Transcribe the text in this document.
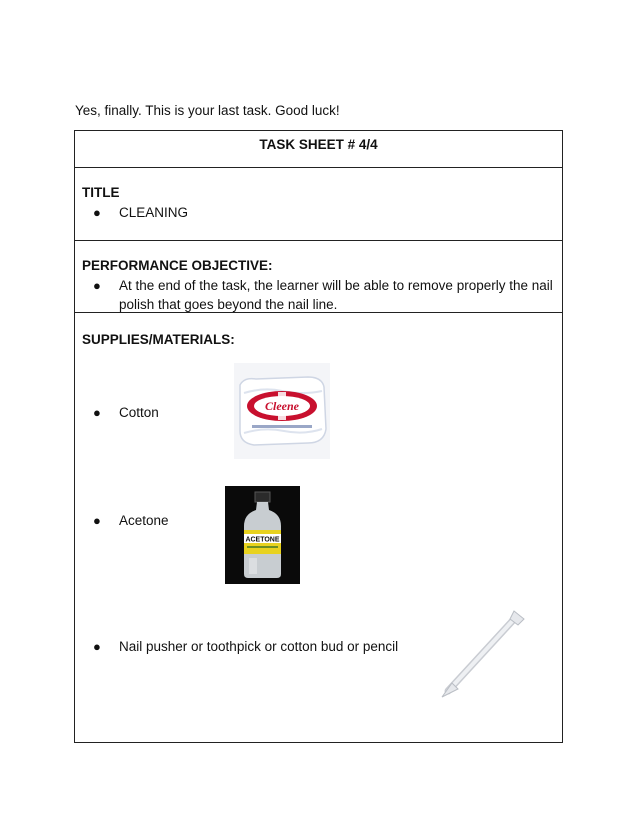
Yes, finally. This is your last task. Good luck!

TASK SHEET # 4/4
TITLE
●	CLEANING
PERFORMANCE OBJECTIVE:
●	At the end of the task, the learner will be able to remove properly the nail polish that goes beyond the nail line.
SUPPLIES/MATERIALS:
●	Cotton	Cleene
●	Acetone
ACETONE
●	Nail pusher or toothpick or cotton bud or pencil
